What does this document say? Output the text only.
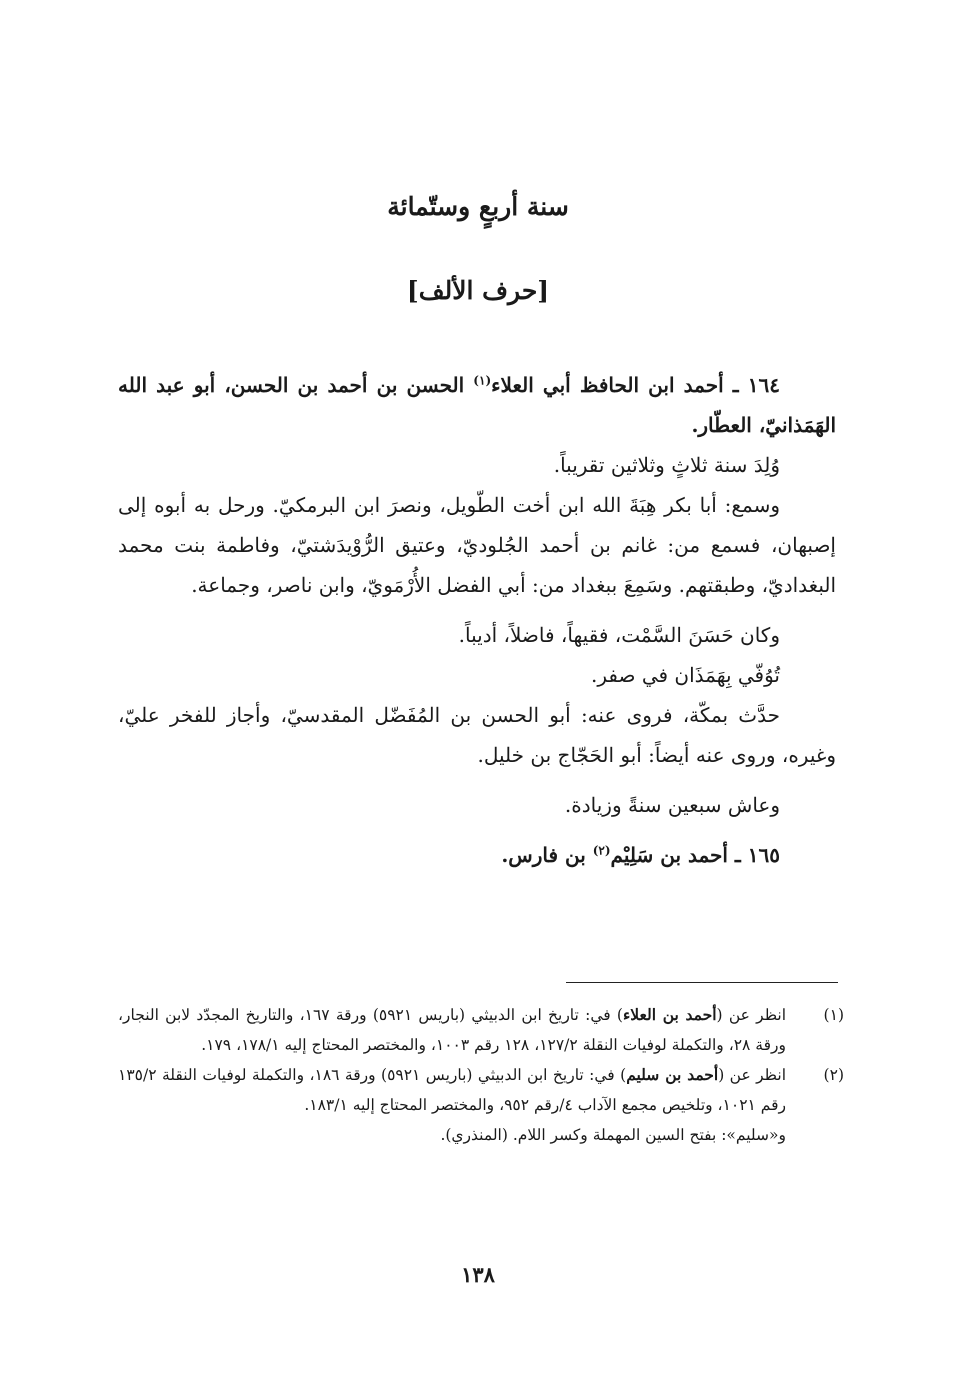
سنة أربعٍ وستّمائة
[حرف الألف]

١٦٤ ـ أحمد ابن الحافظ أبي العلاء$^{(١)}$ الحسن بن أحمد بن الحسن، أبو عبد الله الهَمَذانيّ، العطّار.

وُلِدَ سنة ثلاثٍ وثلاثين تقريباً.

وسمع: أبا بكر هِبَةَ الله ابن أخت الطّويل، ونصرَ ابن البرمكيّ. ورحل به أبوه إلى إصبهان، فسمع من: غانم بن أحمد الجُلوديّ، وعتيق الرُّوْيدَشتيّ، وفاطمة بنت محمد البغداديّ، وطبقتهم. وسَمِعَ ببغداد من: أبي الفضل الأُرْمَويّ، وابن ناصر، وجماعة.

وكان حَسَنَ السَّمْت، فقيهاً، فاضلاً، أديباً.

تُوُفّي بِهَمَذَان في صفر.

حدَّث بمكّة، فروى عنه: أبو الحسن بن المُفَضّل المقدسيّ، وأجاز للفخر عليّ، وغيره، وروى عنه أيضاً: أبو الحَجّاج بن خليل.

وعاش سبعين سنةً وزيادة.

١٦٥ ـ أحمد بن سَلِيْم$^{(٢)}$ بن فارس.

(١)
انظر عن (أحمد بن العلاء) في: تاريخ ابن الدبيثي (باريس ٥٩٢١) ورقة ١٦٧، والتاريخ المجدّد لابن النجار، ورقة ٢٨، والتكملة لوفيات النقلة ١٢٧/٢، ١٢٨ رقم ١٠٠٣، والمختصر المحتاج إليه ١٧٨/١، ١٧٩.
(٢)
انظر عن (أحمد بن سليم) في: تاريخ ابن الدبيثي (باريس ٥٩٢١) ورقة ١٨٦، والتكملة لوفيات النقلة ١٣٥/٢ رقم ١٠٢١، وتلخيص مجمع الآداب ٤/رقم ٩٥٢، والمختصر المحتاج إليه ١٨٣/١.
و«سليم»: بفتح السين المهملة وكسر اللام. (المنذري).
١٣٨
